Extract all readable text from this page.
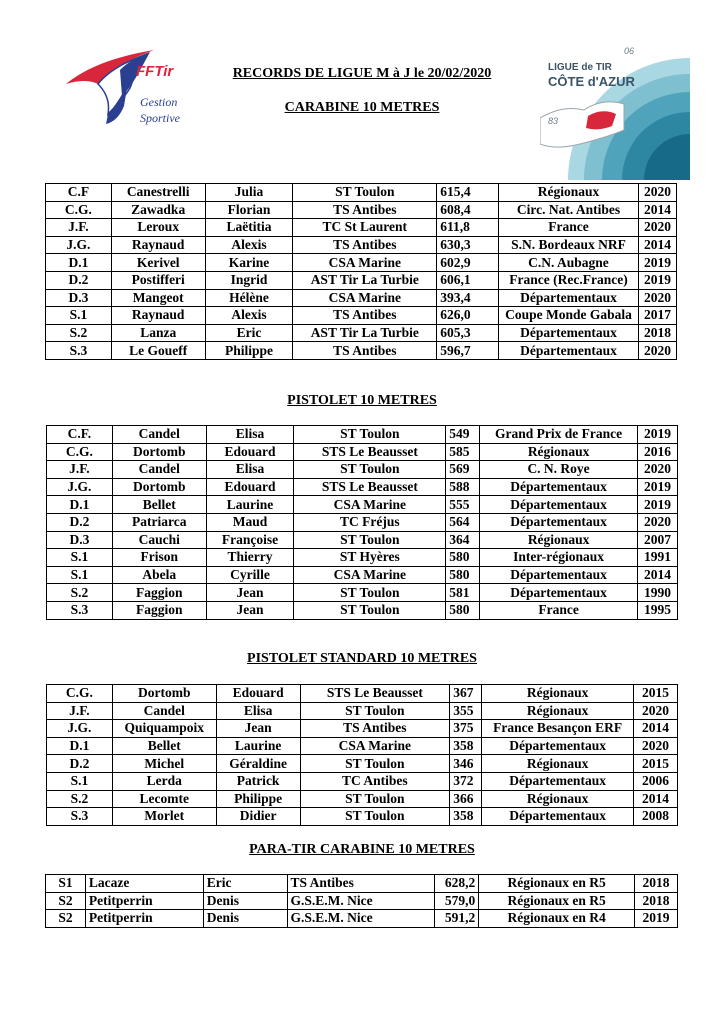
FFTir
Gestion
Sportive
LIGUE de TIR
CÔTE d'AZUR
06
83
RECORDS DE LIGUE M à J le 20/02/2020
CARABINE 10 METRES
C.F	Canestrelli	Julia	ST Toulon	615,4	Régionaux	2020
C.G.	Zawadka	Florian	TS Antibes	608,4	Circ. Nat. Antibes	2014
J.F.	Leroux	Laëtitia	TC St Laurent	611,8	France	2020
J.G.	Raynaud	Alexis	TS Antibes	630,3	S.N. Bordeaux NRF	2014
D.1	Kerivel	Karine	CSA Marine	602,9	C.N. Aubagne	2019
D.2	Postifferi	Ingrid	AST Tir La Turbie	606,1	France (Rec.France)	2019
D.3	Mangeot	Hélène	CSA Marine	393,4	Départementaux	2020
S.1	Raynaud	Alexis	TS Antibes	626,0	Coupe Monde Gabala	2017
S.2	Lanza	Eric	AST Tir La Turbie	605,3	Départementaux	2018
S.3	Le Goueff	Philippe	TS Antibes	596,7	Départementaux	2020
PISTOLET 10 METRES
C.F.	Candel	Elisa	ST Toulon	549	Grand Prix de France	2019
C.G.	Dortomb	Edouard	STS Le Beausset	585	Régionaux	2016
J.F.	Candel	Elisa	ST Toulon	569	C. N. Roye	2020
J.G.	Dortomb	Edouard	STS Le Beausset	588	Départementaux	2019
D.1	Bellet	Laurine	CSA Marine	555	Départementaux	2019
D.2	Patriarca	Maud	TC Fréjus	564	Départementaux	2020
D.3	Cauchi	Françoise	ST Toulon	364	Régionaux	2007
S.1	Frison	Thierry	ST Hyères	580	Inter-régionaux	1991
S.1	Abela	Cyrille	CSA Marine	580	Départementaux	2014
S.2	Faggion	Jean	ST Toulon	581	Départementaux	1990
S.3	Faggion	Jean	ST Toulon	580	France	1995
PISTOLET STANDARD 10 METRES
C.G.	Dortomb	Edouard	STS Le Beausset	367	Régionaux	2015
J.F.	Candel	Elisa	ST Toulon	355	Régionaux	2020
J.G.	Quiquampoix	Jean	TS Antibes	375	France Besançon ERF	2014
D.1	Bellet	Laurine	CSA Marine	358	Départementaux	2020
D.2	Michel	Géraldine	ST Toulon	346	Régionaux	2015
S.1	Lerda	Patrick	TC Antibes	372	Départementaux	2006
S.2	Lecomte	Philippe	ST Toulon	366	Régionaux	2014
S.3	Morlet	Didier	ST Toulon	358	Départementaux	2008
PARA-TIR CARABINE 10 METRES
S1	Lacaze	Eric	TS Antibes	628,2	Régionaux en R5	2018
S2	Petitperrin	Denis	G.S.E.M. Nice	579,0	Régionaux en R5	2018
S2	Petitperrin	Denis	G.S.E.M. Nice	591,2	Régionaux en R4	2019
